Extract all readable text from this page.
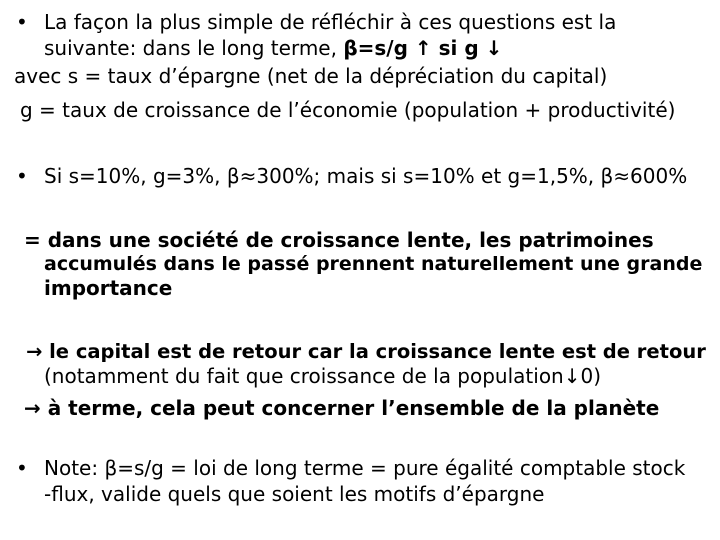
• La façon la plus simple de réfléchir à ces questions est la
suivante: dans le long terme, β=s/g ↑ si g ↓
avec s = taux d’épargne (net de la dépréciation du capital)
g = taux de croissance de l’économie (population + productivité)
• Si s=10%, g=3%, β≈300%; mais si s=10% et g=1,5%, β≈600%
= dans une société de croissance lente, les patrimoines
accumulés dans le passé prennent naturellement une grande
importance
→ le capital est de retour car la croissance lente est de retour
(notamment du fait que croissance de la population↓0)
→ à terme, cela peut concerner l’ensemble de la planète
• Note: β=s/g = loi de long terme = pure égalité comptable stock
-flux, valide quels que soient les motifs d’épargne
